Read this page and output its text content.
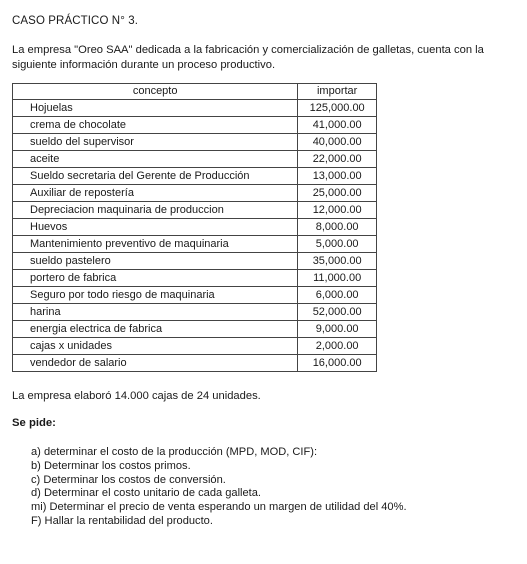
CASO PRÁCTICO N° 3.
La empresa "Oreo SAA" dedicada a la fabricación y comercialización de galletas, cuenta con la siguiente información durante un proceso productivo.
concepto	importar
Hojuelas	125,000.00
crema de chocolate	41,000.00
sueldo del supervisor	40,000.00
aceite	22,000.00
Sueldo secretaria del Gerente de Producción	13,000.00
Auxiliar de repostería	25,000.00
Depreciacion maquinaria de produccion	12,000.00
Huevos	8,000.00
Mantenimiento preventivo de maquinaria	5,000.00
sueldo pastelero	35,000.00
portero de fabrica	11,000.00
Seguro por todo riesgo de maquinaria	6,000.00
harina	52,000.00
energia electrica de fabrica	9,000.00
cajas x unidades	2,000.00
vendedor de salario	16,000.00
La empresa elaboró 14.000 cajas de 24 unidades.
Se pide:
a) determinar el costo de la producción (MPD, MOD, CIF):
b) Determinar los costos primos.
c) Determinar los costos de conversión.
d) Determinar el costo unitario de cada galleta.
mi) Determinar el precio de venta esperando un margen de utilidad del 40%.
F) Hallar la rentabilidad del producto.
